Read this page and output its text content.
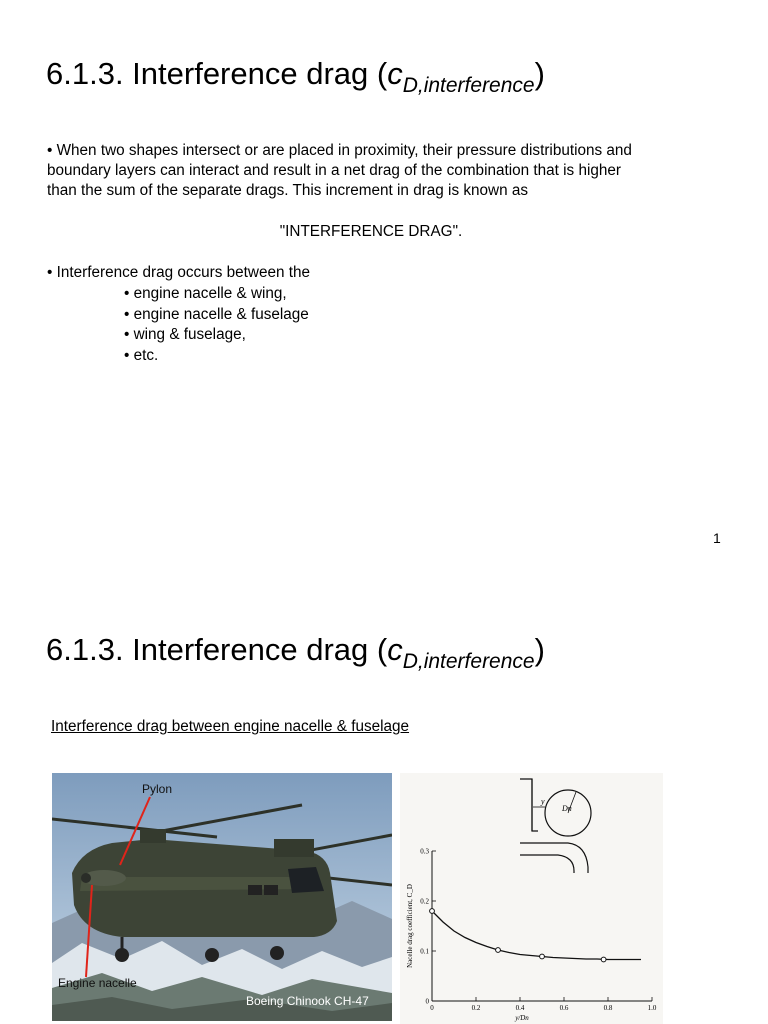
6.1.3. Interference drag $(c_{D,interference})$

• When two shapes intersect or are placed in proximity, their pressure distributions and
boundary layers can interact and result in a net drag of the combination that is higher
than the sum of the separate drags. This increment in drag is known as

"INTERFERENCE DRAG".

• Interference drag occurs between the

• engine nacelle & wing,
• engine nacelle & fuselage
• wing & fuselage,
• etc.
1
6.1.3. Interference drag $(c_{D,interference})$
Interference drag between engine nacelle & fuselage
Pylon
Engine nacelle
Boeing Chinook CH-47
y
Dn
0	0.2	0.4	0.6	0.8	1.0
0
0.1
0.2
0.3
Nacelle drag coefficient, C_D
y/Dn
